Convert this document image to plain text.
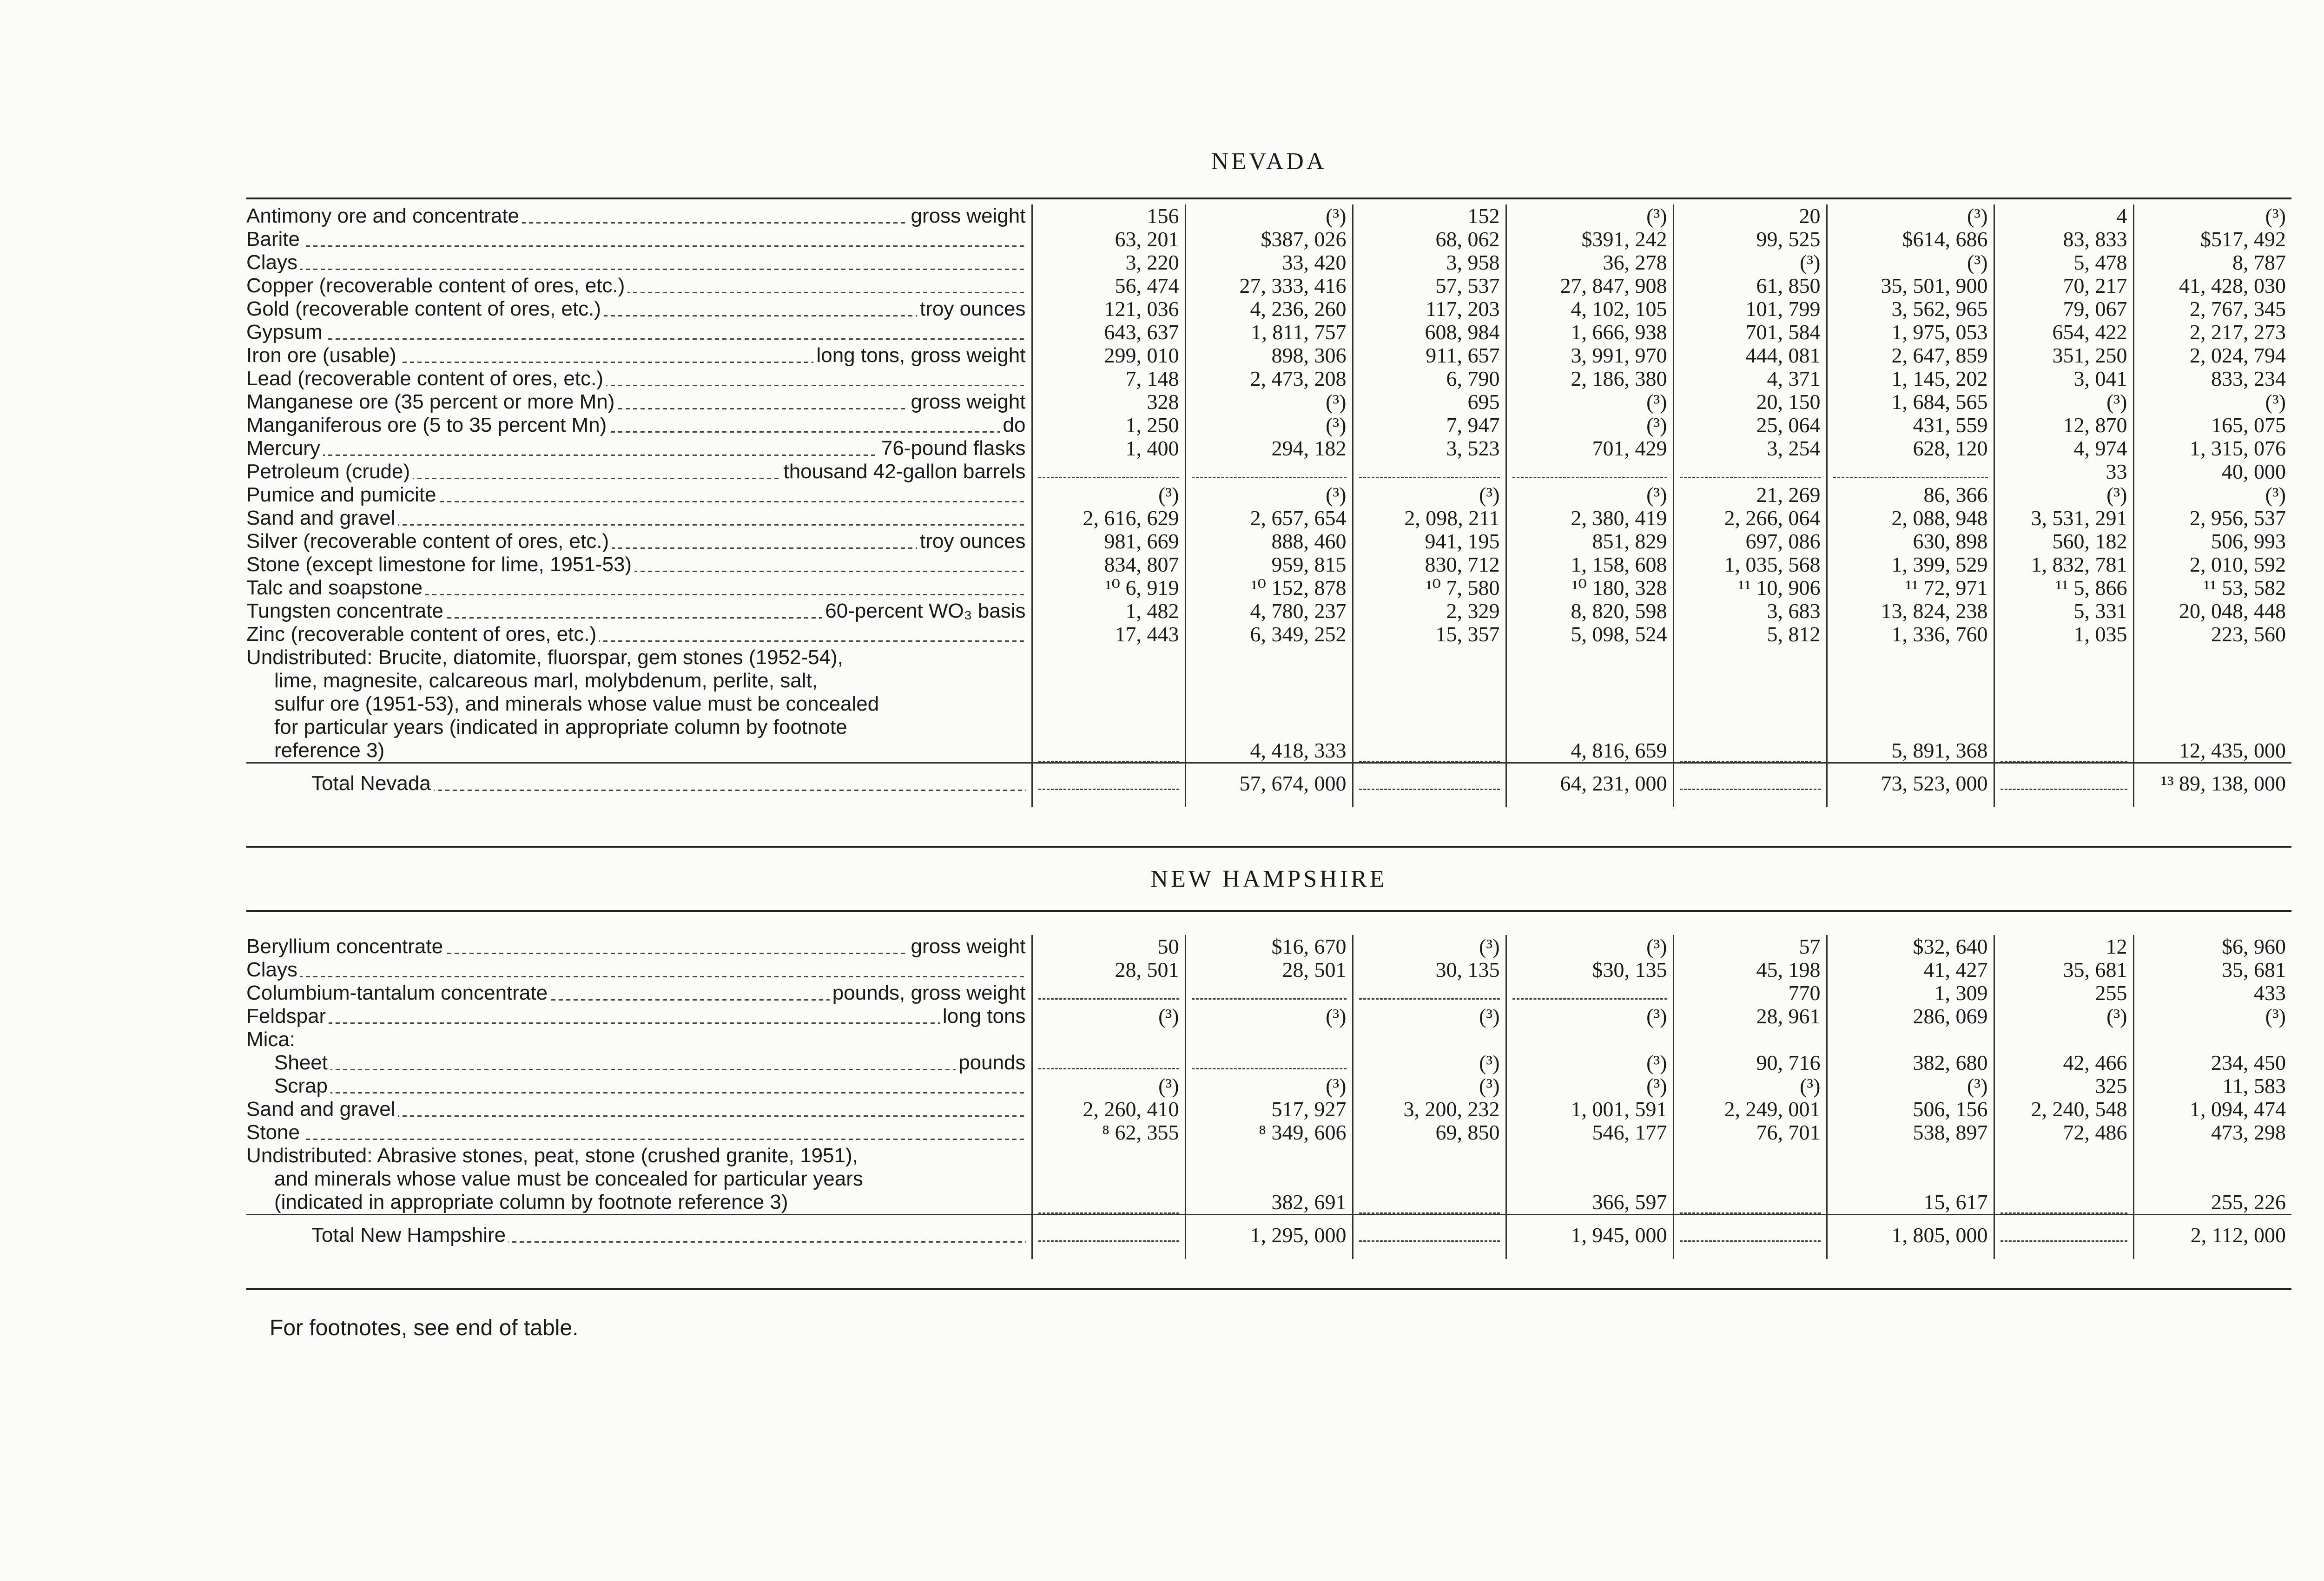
NEVADA
Antimony ore and concentrate gross weight	156	(³)	152	(³)	20	(³)	4	(³)

Barite	63, 201	$387, 026	68, 062	$391, 242	99, 525	$614, 686	83, 833	$517, 492

Clays	3, 220	33, 420	3, 958	36, 278	(³)	(³)	5, 478	8, 787

Copper (recoverable content of ores, etc.)	56, 474	27, 333, 416	57, 537	27, 847, 908	61, 850	35, 501, 900	70, 217	41, 428, 030

Gold (recoverable content of ores, etc.) troy ounces	121, 036	4, 236, 260	117, 203	4, 102, 105	101, 799	3, 562, 965	79, 067	2, 767, 345

Gypsum	643, 637	1, 811, 757	608, 984	1, 666, 938	701, 584	1, 975, 053	654, 422	2, 217, 273

Iron ore (usable) long tons, gross weight	299, 010	898, 306	911, 657	3, 991, 970	444, 081	2, 647, 859	351, 250	2, 024, 794

Lead (recoverable content of ores, etc.)	7, 148	2, 473, 208	6, 790	2, 186, 380	4, 371	1, 145, 202	3, 041	833, 234

Manganese ore (35 percent or more Mn) gross weight	328	(³)	695	(³)	20, 150	1, 684, 565	(³)	(³)

Manganiferous ore (5 to 35 percent Mn) do	1, 250	(³)	7, 947	(³)	25, 064	431, 559	12, 870	165, 075

Mercury 76-pound flasks	1, 400	294, 182	3, 523	701, 429	3, 254	628, 120	4, 974	1, 315, 076

Petroleum (crude) thousand 42-gallon barrels							33	40, 000

Pumice and pumicite	(³)	(³)	(³)	(³)	21, 269	86, 366	(³)	(³)

Sand and gravel	2, 616, 629	2, 657, 654	2, 098, 211	2, 380, 419	2, 266, 064	2, 088, 948	3, 531, 291	2, 956, 537

Silver (recoverable content of ores, etc.) troy ounces	981, 669	888, 460	941, 195	851, 829	697, 086	630, 898	560, 182	506, 993

Stone (except limestone for lime, 1951-53)	834, 807	959, 815	830, 712	1, 158, 608	1, 035, 568	1, 399, 529	1, 832, 781	2, 010, 592

Talc and soapstone	¹⁰ 6, 919	¹⁰ 152, 878	¹⁰ 7, 580	¹⁰ 180, 328	¹¹ 10, 906	¹¹ 72, 971	¹¹ 5, 866	¹¹ 53, 582

Tungsten concentrate 60-percent WO₃ basis	1, 482	4, 780, 237	2, 329	8, 820, 598	3, 683	13, 824, 238	5, 331	20, 048, 448

Zinc (recoverable content of ores, etc.)	17, 443	6, 349, 252	15, 357	5, 098, 524	5, 812	1, 336, 760	1, 035	223, 560

Undistributed: Brucite, diatomite, fluorspar, gem stones (1952-54),
lime, magnesite, calcareous marl, molybdenum, perlite, salt,
sulfur ore (1951-53), and minerals whose value must be concealed
for particular years (indicated in appropriate column by footnote
reference 3)		4, 418, 333		4, 816, 659		5, 891, 368		12, 435, 000

Total Nevada		57, 674, 000		64, 231, 000		73, 523, 000		¹³ 89, 138, 000
NEW HAMPSHIRE
Beryllium concentrate gross weight	50	$16, 670	(³)	(³)	57	$32, 640	12	$6, 960

Clays	28, 501	28, 501	30, 135	$30, 135	45, 198	41, 427	35, 681	35, 681

Columbium-tantalum concentrate pounds, gross weight					770	1, 309	255	433

Feldspar long tons	(³)	(³)	(³)	(³)	28, 961	286, 069	(³)	(³)

Mica:								

Sheet pounds			(³)	(³)	90, 716	382, 680	42, 466	234, 450

Scrap	(³)	(³)	(³)	(³)	(³)	(³)	325	11, 583

Sand and gravel	2, 260, 410	517, 927	3, 200, 232	1, 001, 591	2, 249, 001	506, 156	2, 240, 548	1, 094, 474

Stone	⁸ 62, 355	⁸ 349, 606	69, 850	546, 177	76, 701	538, 897	72, 486	473, 298

Undistributed: Abrasive stones, peat, stone (crushed granite, 1951),
and minerals whose value must be concealed for particular years
(indicated in appropriate column by footnote reference 3)		382, 691		366, 597		15, 617		255, 226

Total New Hampshire		1, 295, 000		1, 945, 000		1, 805, 000		2, 112, 000
For footnotes, see end of table.
